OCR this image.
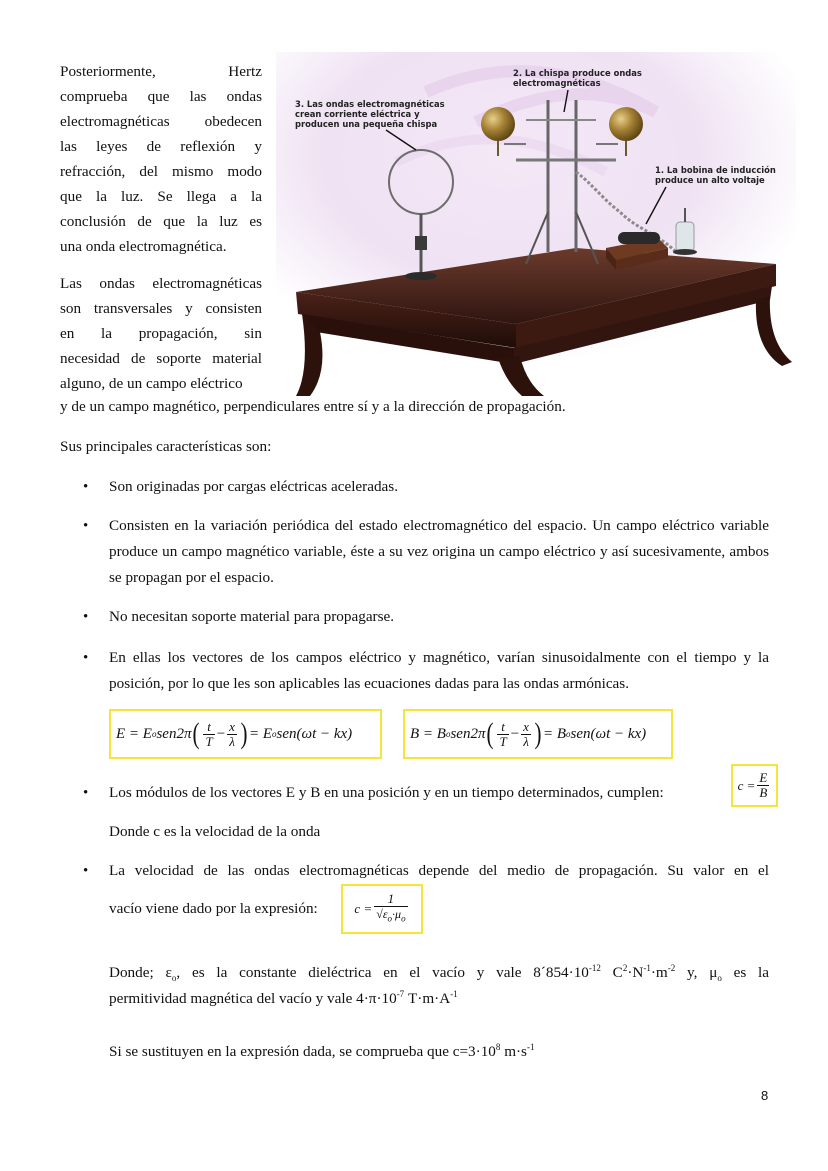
Posteriormente, Hertz
comprueba que las ondas
electromagnéticas obedecen
las leyes de reflexión y
refracción, del mismo modo
que la luz. Se llega a la
conclusión de que la luz es
una onda electromagnética.
Las ondas electromagnéticas
son transversales y consisten
en la propagación, sin
necesidad de soporte material
alguno, de un campo eléctrico
y de un campo magnético, perpendiculares entre sí y a la dirección de propagación.
2. La chispa produce ondas
electromagnéticas
3. Las ondas electromagnéticas
crean corriente eléctrica y
producen una pequeña chispa
1. La bobina de inducción
produce un alto voltaje
Sus principales características son:
• Son originadas por cargas eléctricas aceleradas.
• Consisten en la variación periódica del estado electromagnético del espacio. Un campo eléctrico variable produce un campo magnético variable, éste a su vez origina un campo eléctrico y así sucesivamente, ambos se propagan por el espacio.
• No necesitan soporte material para propagarse.
• En ellas los vectores de los campos eléctrico y magnético, varían sinusoidalmente con el tiempo y la posición, por lo que les son aplicables las ecuaciones dadas para las ondas armónicas.
E = E o sen2π ( $\frac{t}{T} - \frac{x}{\lambda}$ ) = E o sen(ωt − kx)	B = B o sen2π ( $\frac{t}{T} - \frac{x}{\lambda}$ ) = B o sen(ωt − kx)
• Los módulos de los vectores E y B en una posición y en un tiempo determinados, cumplen:	$c = \frac{E}{B}$
Donde c es la velocidad de la onda
• La velocidad de las ondas electromagnéticas depende del medio de propagación. Su valor en el
vacío viene dado por la expresión:	$c = \frac{1}{√\varepsilon_o\cdot\mu_o}$
Donde; $\varepsilon_o$, es la constante dieléctrica en el vacío y vale $8´854\cdot 10^{-12}$ $C^2\cdot N^{-1}\cdot m^{-2}$ y, $\mu_o$ es la
permitividad magnética del vacío y vale $4\cdot\pi\cdot 10^{-7}$ $T\cdot m\cdot A^{-1}$
Si se sustituyen en la expresión dada, se comprueba que $c=3\cdot 10^8$ $m\cdot s^{-1}$
8
